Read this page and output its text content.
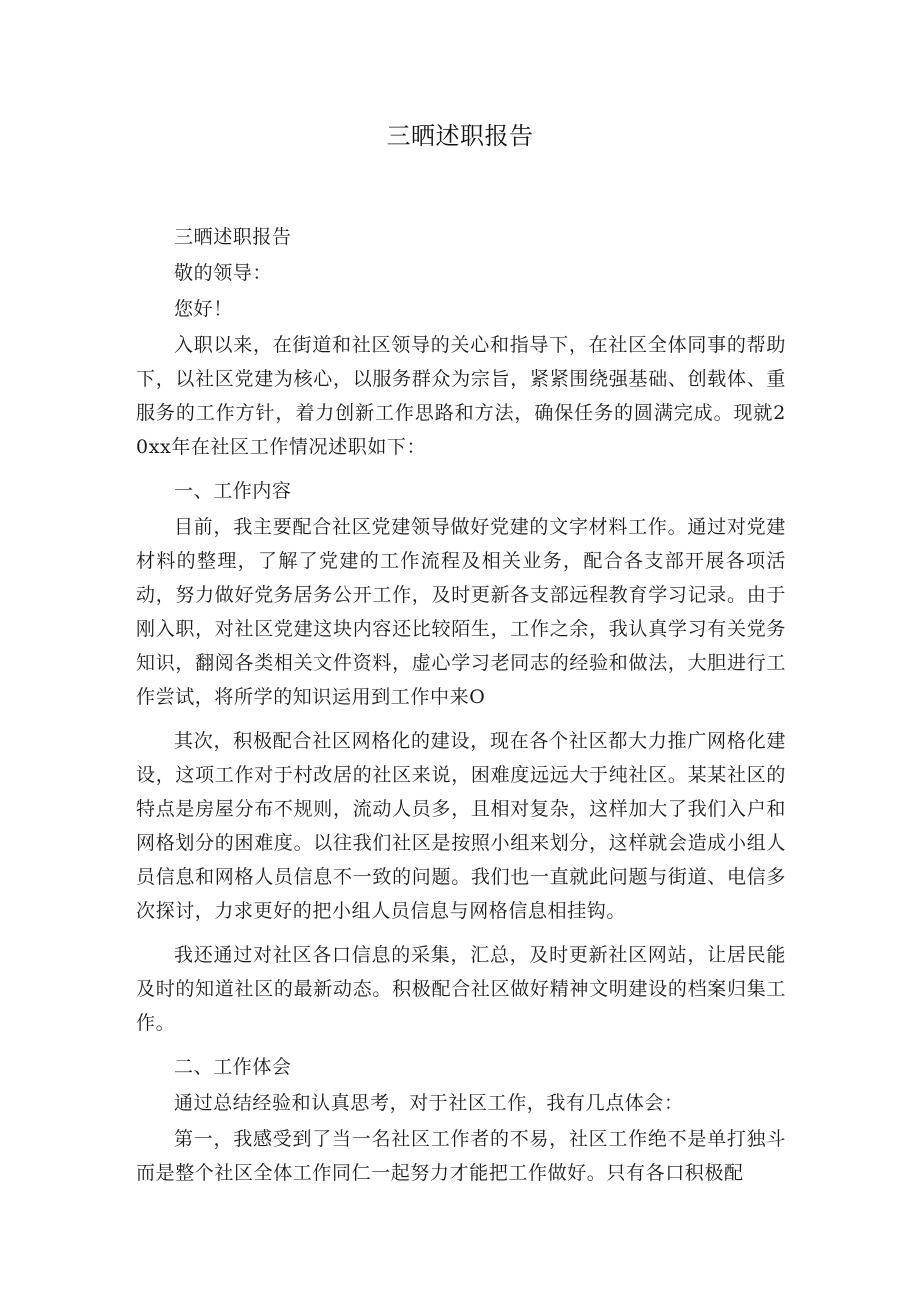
三晒述职报告

三晒述职报告

敬的领导：

您好！

入职以来，在街道和社区领导的关心和指导下，在社区全体同事的帮助下，以社区党建为核心，以服务群众为宗旨，紧紧围绕强基础、创载体、重服务的工作方针，着力创新工作思路和方法，确保任务的圆满完成。现就20xx年在社区工作情况述职如下：

一、工作内容

目前，我主要配合社区党建领导做好党建的文字材料工作。通过对党建材料的整理，了解了党建的工作流程及相关业务，配合各支部开展各项活动，努力做好党务居务公开工作，及时更新各支部远程教育学习记录。由于刚入职，对社区党建这块内容还比较陌生，工作之余，我认真学习有关党务知识，翻阅各类相关文件资料，虚心学习老同志的经验和做法，大胆进行工作尝试，将所学的知识运用到工作中来O

其次，积极配合社区网格化的建设，现在各个社区都大力推广网格化建设，这项工作对于村改居的社区来说，困难度远远大于纯社区。某某社区的特点是房屋分布不规则，流动人员多，且相对复杂，这样加大了我们入户和网格划分的困难度。以往我们社区是按照小组来划分，这样就会造成小组人员信息和网格人员信息不一致的问题。我们也一直就此问题与街道、电信多次探讨，力求更好的把小组人员信息与网格信息相挂钩。

我还通过对社区各口信息的采集，汇总，及时更新社区网站，让居民能及时的知道社区的最新动态。积极配合社区做好精神文明建设的档案归集工作。

二、工作体会

通过总结经验和认真思考，对于社区工作，我有几点体会：

第一，我感受到了当一名社区工作者的不易，社区工作绝不是单打独斗而是整个社区全体工作同仁一起努力才能把工作做好。只有各口积极配
